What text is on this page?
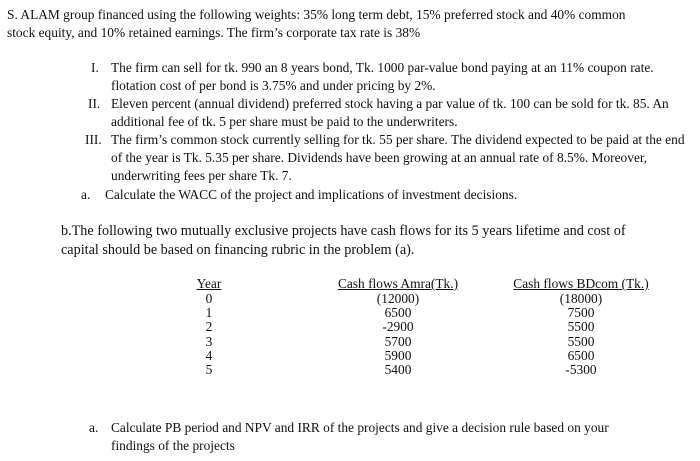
S. ALAM group financed using the following weights: 35% long term debt, 15% preferred stock and 40% common
stock equity, and 10% retained earnings. The firm’s corporate tax rate is 38%
I. The firm can sell for tk. 990 an 8 years bond, Tk. 1000 par-value bond paying at an 11% coupon rate.
flotation cost of per bond is 3.75% and under pricing by 2%.
II. Eleven percent (annual dividend) preferred stock having a par value of tk. 100 can be sold for tk. 85. An
additional fee of tk. 5 per share must be paid to the underwriters.
III. The firm’s common stock currently selling for tk. 55 per share. The dividend expected to be paid at the end
of the year is Tk. 5.35 per share. Dividends have been growing at an annual rate of 8.5%. Moreover,
underwriting fees per share Tk. 7.
a. Calculate the WACC of the project and implications of investment decisions.
b.The following two mutually exclusive projects have cash flows for its 5 years lifetime and cost of
capital should be based on financing rubric in the problem (a).
Year
0
1
2
3
4
5
Cash flows Amra(Tk.)
(12000)
6500
-2900
5700
5900
5400
Cash flows BDcom (Tk.)
(18000)
7500
5500
5500
6500
-5300
a. Calculate PB period and NPV and IRR of the projects and give a decision rule based on your
findings of the projects
